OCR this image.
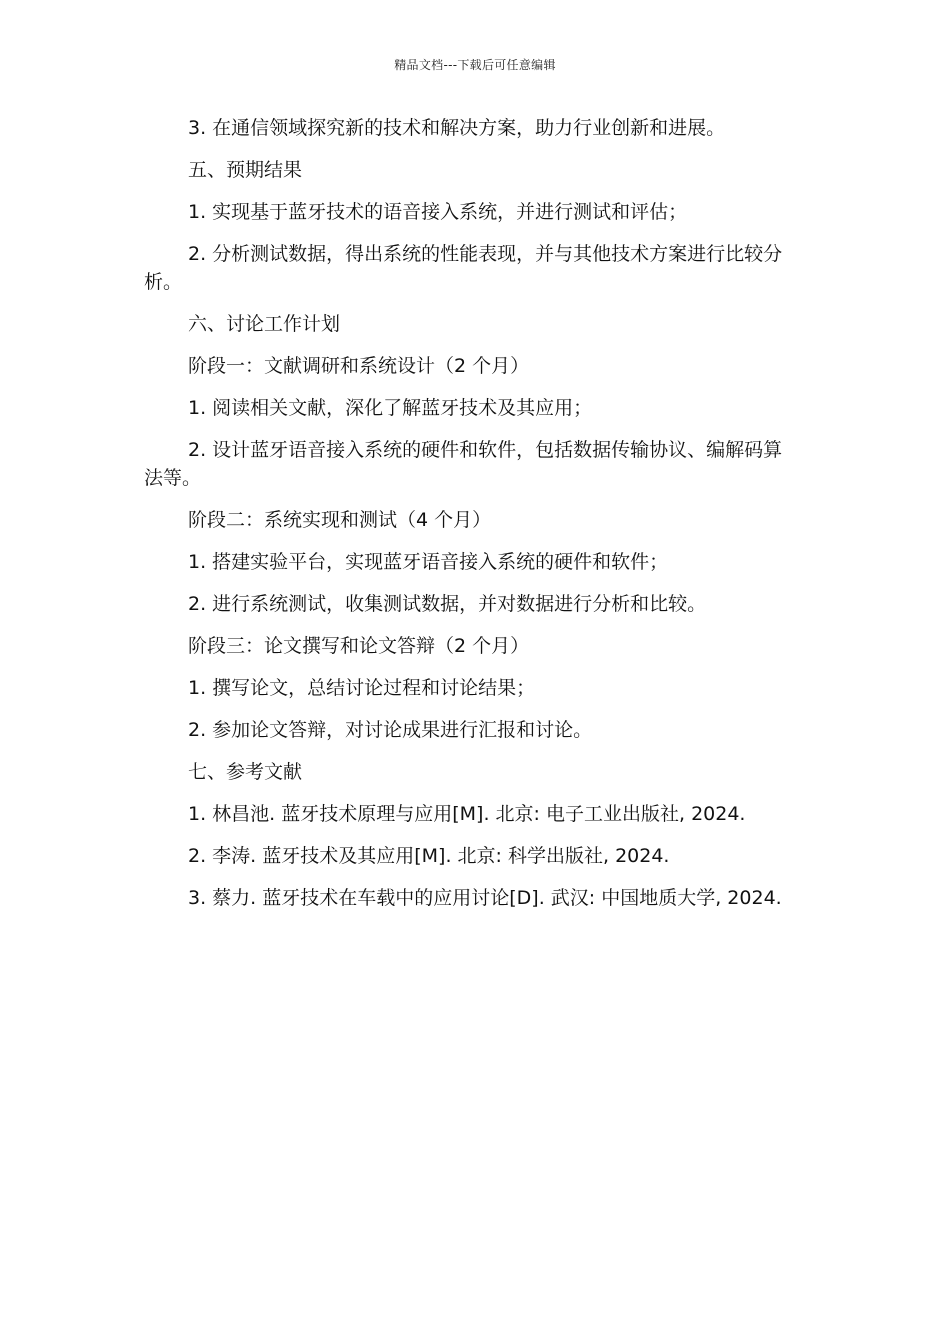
精品文档---下载后可任意编辑

3. 在通信领域探究新的技术和解决方案，助力行业创新和进展。

五、预期结果

1. 实现基于蓝牙技术的语音接入系统，并进行测试和评估；

2. 分析测试数据，得出系统的性能表现，并与其他技术方案进行比较分析。

六、讨论工作计划

阶段一：文献调研和系统设计（2 个月）

1. 阅读相关文献，深化了解蓝牙技术及其应用；

2. 设计蓝牙语音接入系统的硬件和软件，包括数据传输协议、编解码算法等。

阶段二：系统实现和测试（4 个月）

1. 搭建实验平台，实现蓝牙语音接入系统的硬件和软件；

2. 进行系统测试，收集测试数据，并对数据进行分析和比较。

阶段三：论文撰写和论文答辩（2 个月）

1. 撰写论文，总结讨论过程和讨论结果；

2. 参加论文答辩，对讨论成果进行汇报和讨论。

七、参考文献

1. 林昌池. 蓝牙技术原理与应用[M]. 北京: 电子工业出版社, 2024.

2. 李涛. 蓝牙技术及其应用[M]. 北京: 科学出版社, 2024.

3. 蔡力. 蓝牙技术在车载中的应用讨论[D]. 武汉: 中国地质大学, 2024.
